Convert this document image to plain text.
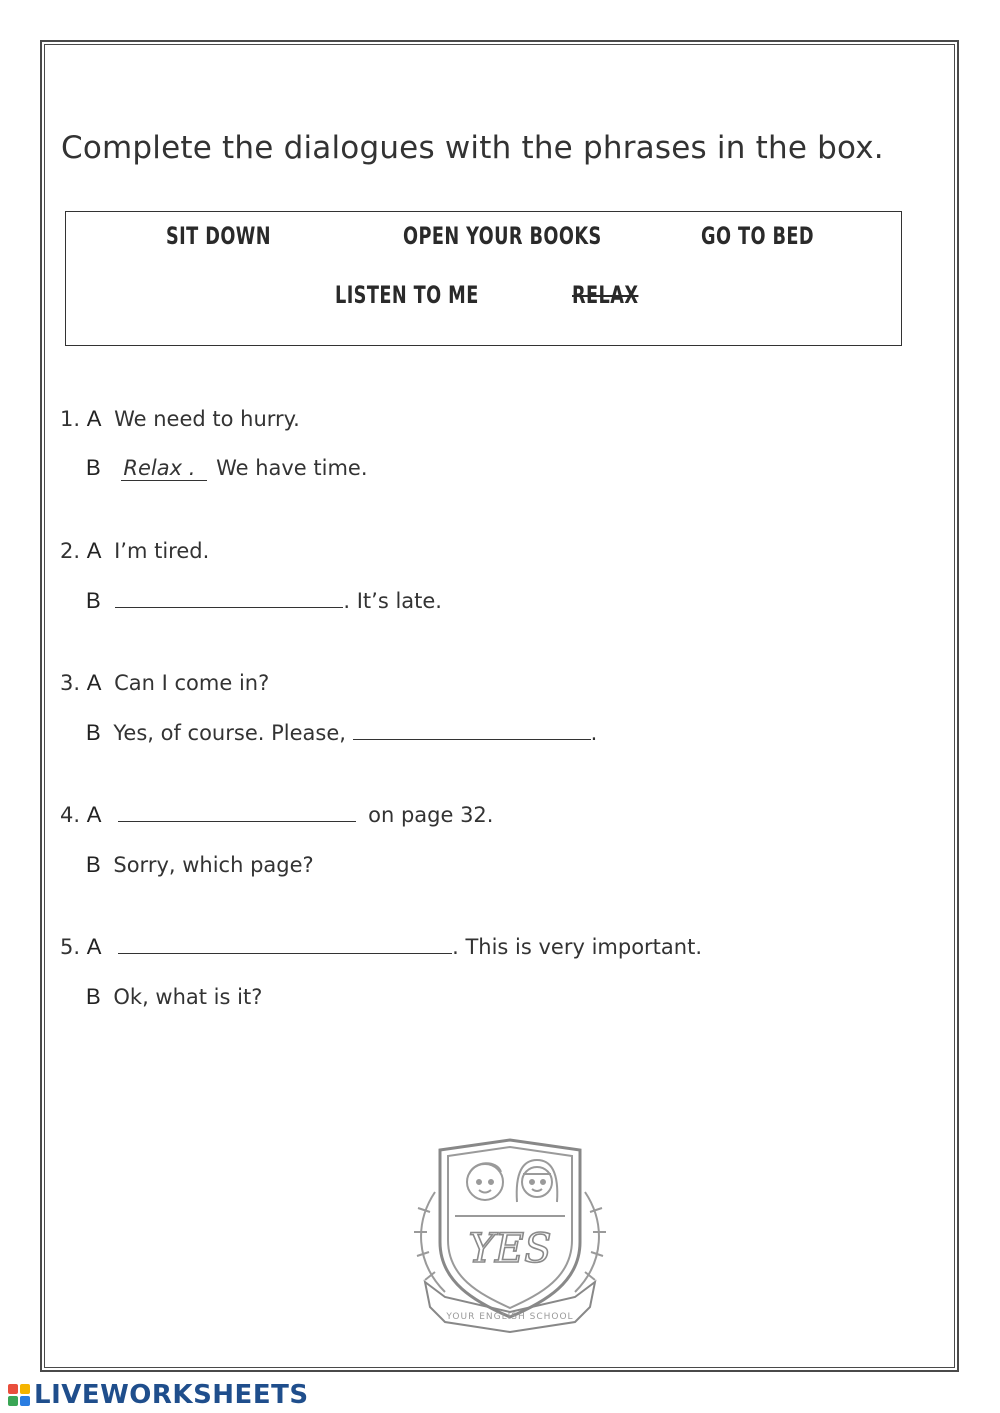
Complete the dialogues with the phrases in the box.
SIT DOWN	OPEN YOUR BOOKS	GO TO BED
LISTEN TO ME	RELAX
1. A We need to hurry.
B Relax . We have time.
2. A I’m tired.
B	. It’s late.
3. A Can I come in?
B Yes, of course. Please,	.
4. A	on page 32.
B Sorry, which page?
5. A	. This is very important.
B Ok, what is it?
YES
YOUR ENGLISH SCHOOL
LIVEWORKSHEETS
